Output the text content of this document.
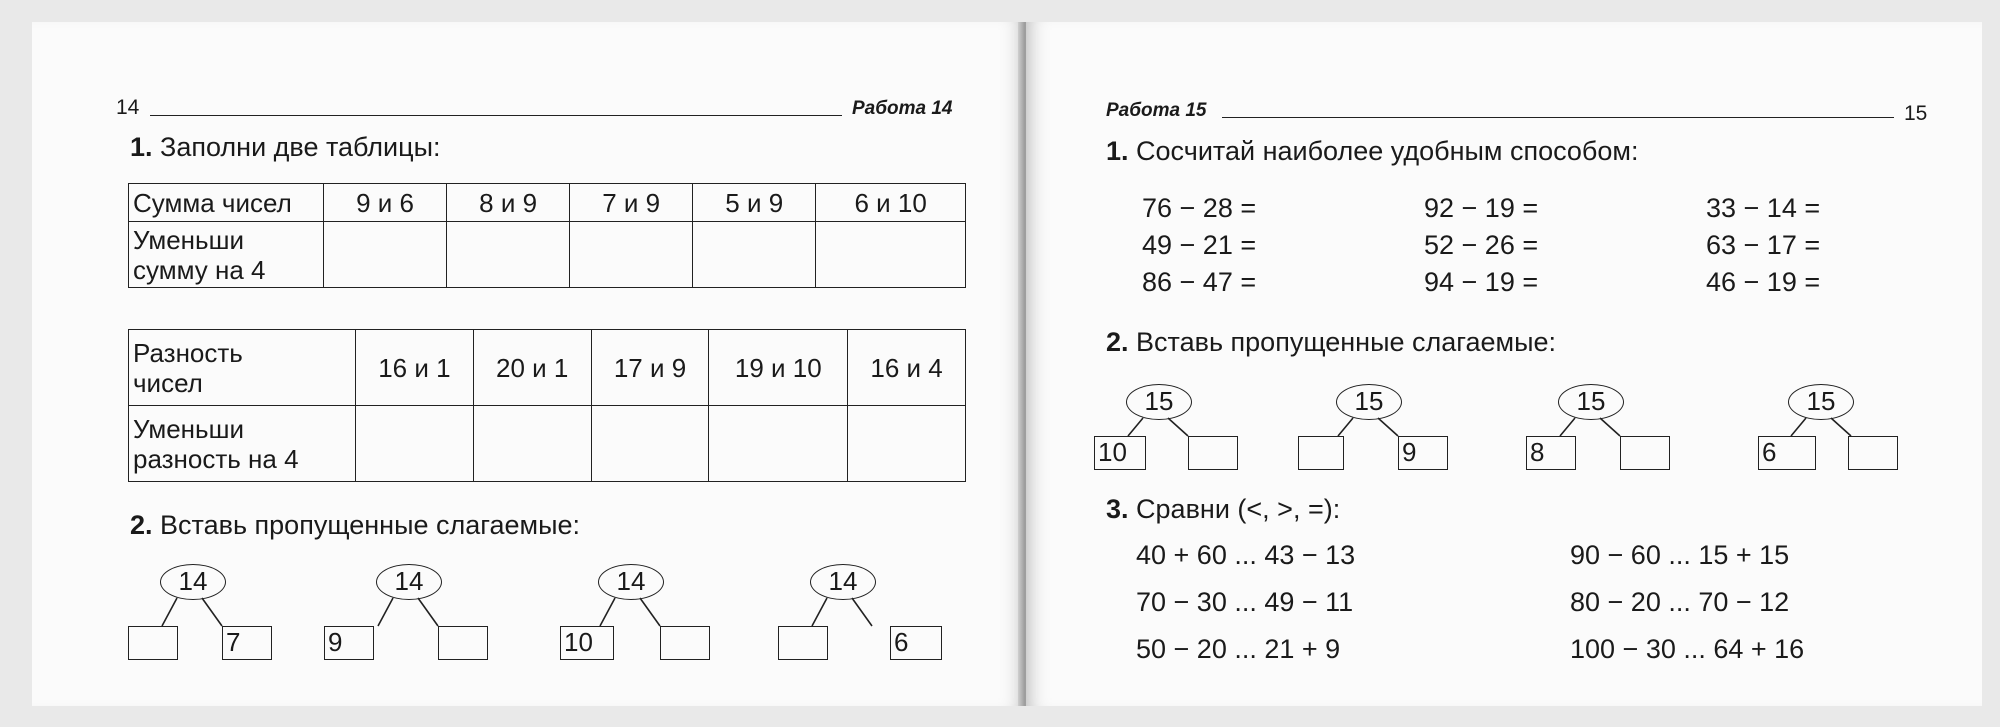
14	Работа 14
1. Заполни две таблицы:
Сумма чисел	9 и 6	8 и 9	7 и 9	5 и 9	6 и 10

Уменьши
сумму на 4					

Разность
чисел	16 и 1	20 и 1	17 и 9	19 и 10	16 и 4

Уменьши
разность на 4					

2. Вставь пропущенные слагаемые:
14
7
14
9
14
10
14
6
Работа 15	15
1. Сосчитай наиболее удобным способом:
76 − 28 =
49 − 21 =
86 − 47 =
92 − 19 =
52 − 26 =
94 − 19 =
33 − 14 =
63 − 17 =
46 − 19 =
2. Вставь пропущенные слагаемые:
15
10
15
9
15
8
15
6
3. Сравни (<, >, =):
40 + 60 ... 43 − 13
70 − 30 ... 49 − 11
50 − 20 ... 21 + 9
90 − 60 ... 15 + 15
80 − 20 ... 70 − 12
100 − 30 ... 64 + 16
